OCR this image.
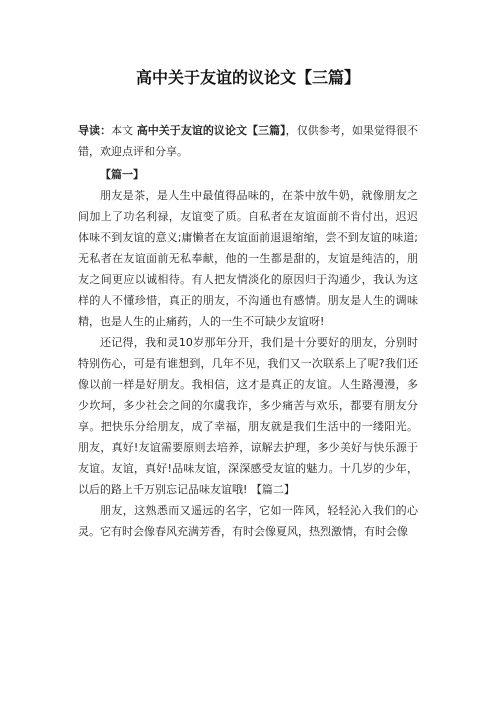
高中关于友谊的议论文【三篇】
导读：本文 高中关于友谊的议论文【三篇】，仅供参考，如果觉得很不错，欢迎点评和分享。
【篇一】

朋友是茶，是人生中最值得品味的，在茶中放牛奶，就像朋友之间加上了功名利禄，友谊变了质。自私者在友谊面前不肯付出，迟迟体味不到友谊的意义;庸懒者在友谊面前退退缩缩，尝不到友谊的味道;无私者在友谊面前无私奉献，他的一生都是甜的，友谊是纯洁的，朋友之间更应以诚相待。有人把友情淡化的原因归于沟通少，我认为这样的人不懂珍惜，真正的朋友，不沟通也有感情。朋友是人生的调味精，也是人生的止痛药，人的一生不可缺少友谊呀!

还记得，我和灵10岁那年分开，我们是十分要好的朋友，分别时特别伤心，可是有谁想到，几年不见，我们又一次联系上了呢?我们还像以前一样是好朋友。我相信，这才是真正的友谊。人生路漫漫，多少坎坷，多少社会之间的尔虞我诈，多少痛苦与欢乐，都要有朋友分享。把快乐分给朋友，成了幸福，朋友就是我们生活中的一缕阳光。朋友，真好!友谊需要原则去培养，谅解去护理，多少美好与快乐源于友谊。友谊，真好!品味友谊，深深感受友谊的魅力。十几岁的少年，以后的路上千万别忘记品味友谊哦! 【篇二】

朋友，这熟悉而又遥远的名字，它如一阵风，轻轻沁入我们的心灵。它有时会像春风充满芳香，有时会像夏风，热烈激情，有时会像
